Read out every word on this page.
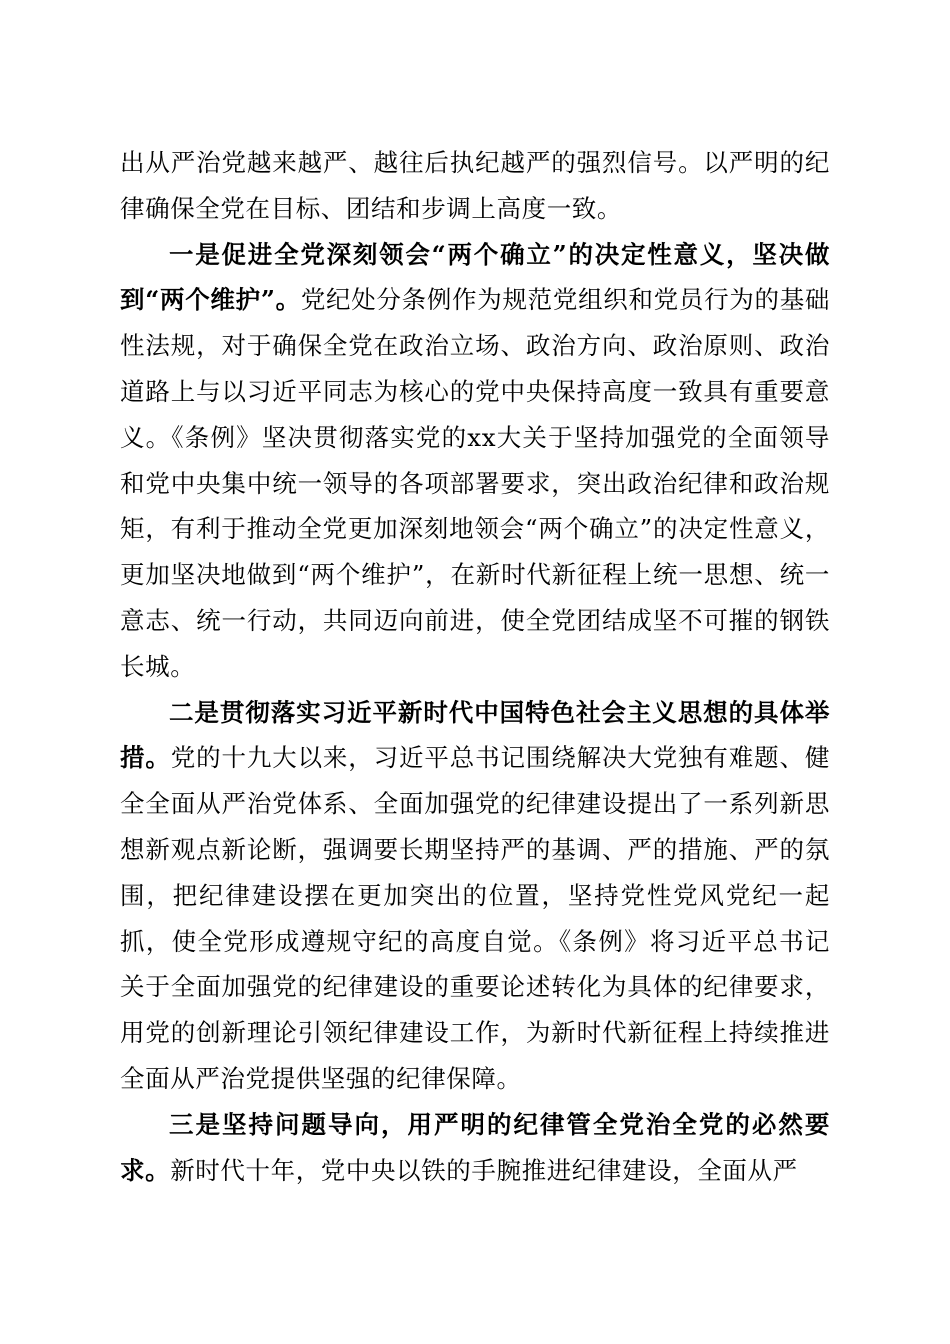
出从严治党越来越严、越往后执纪越严的强烈信号。以严明的纪律确保全党在目标、团结和步调上高度一致。

一是促进全党深刻领会“两个确立”的决定性意义，坚决做到“两个维护”。党纪处分条例作为规范党组织和党员行为的基础性法规，对于确保全党在政治立场、政治方向、政治原则、政治道路上与以习近平同志为核心的党中央保持高度一致具有重要意义。《条例》坚决贯彻落实党的xx大关于坚持加强党的全面领导和党中央集中统一领导的各项部署要求，突出政治纪律和政治规矩，有利于推动全党更加深刻地领会“两个确立”的决定性意义，更加坚决地做到“两个维护”，在新时代新征程上统一思想、统一意志、统一行动，共同迈向前进，使全党团结成坚不可摧的钢铁长城。

二是贯彻落实习近平新时代中国特色社会主义思想的具体举措。党的十九大以来，习近平总书记围绕解决大党独有难题、健全全面从严治党体系、全面加强党的纪律建设提出了一系列新思想新观点新论断，强调要长期坚持严的基调、严的措施、严的氛围，把纪律建设摆在更加突出的位置，坚持党性党风党纪一起抓，使全党形成遵规守纪的高度自觉。《条例》将习近平总书记关于全面加强党的纪律建设的重要论述转化为具体的纪律要求，用党的创新理论引领纪律建设工作，为新时代新征程上持续推进全面从严治党提供坚强的纪律保障。

三是坚持问题导向，用严明的纪律管全党治全党的必然要求。新时代十年，党中央以铁的手腕推进纪律建设，全面从严
